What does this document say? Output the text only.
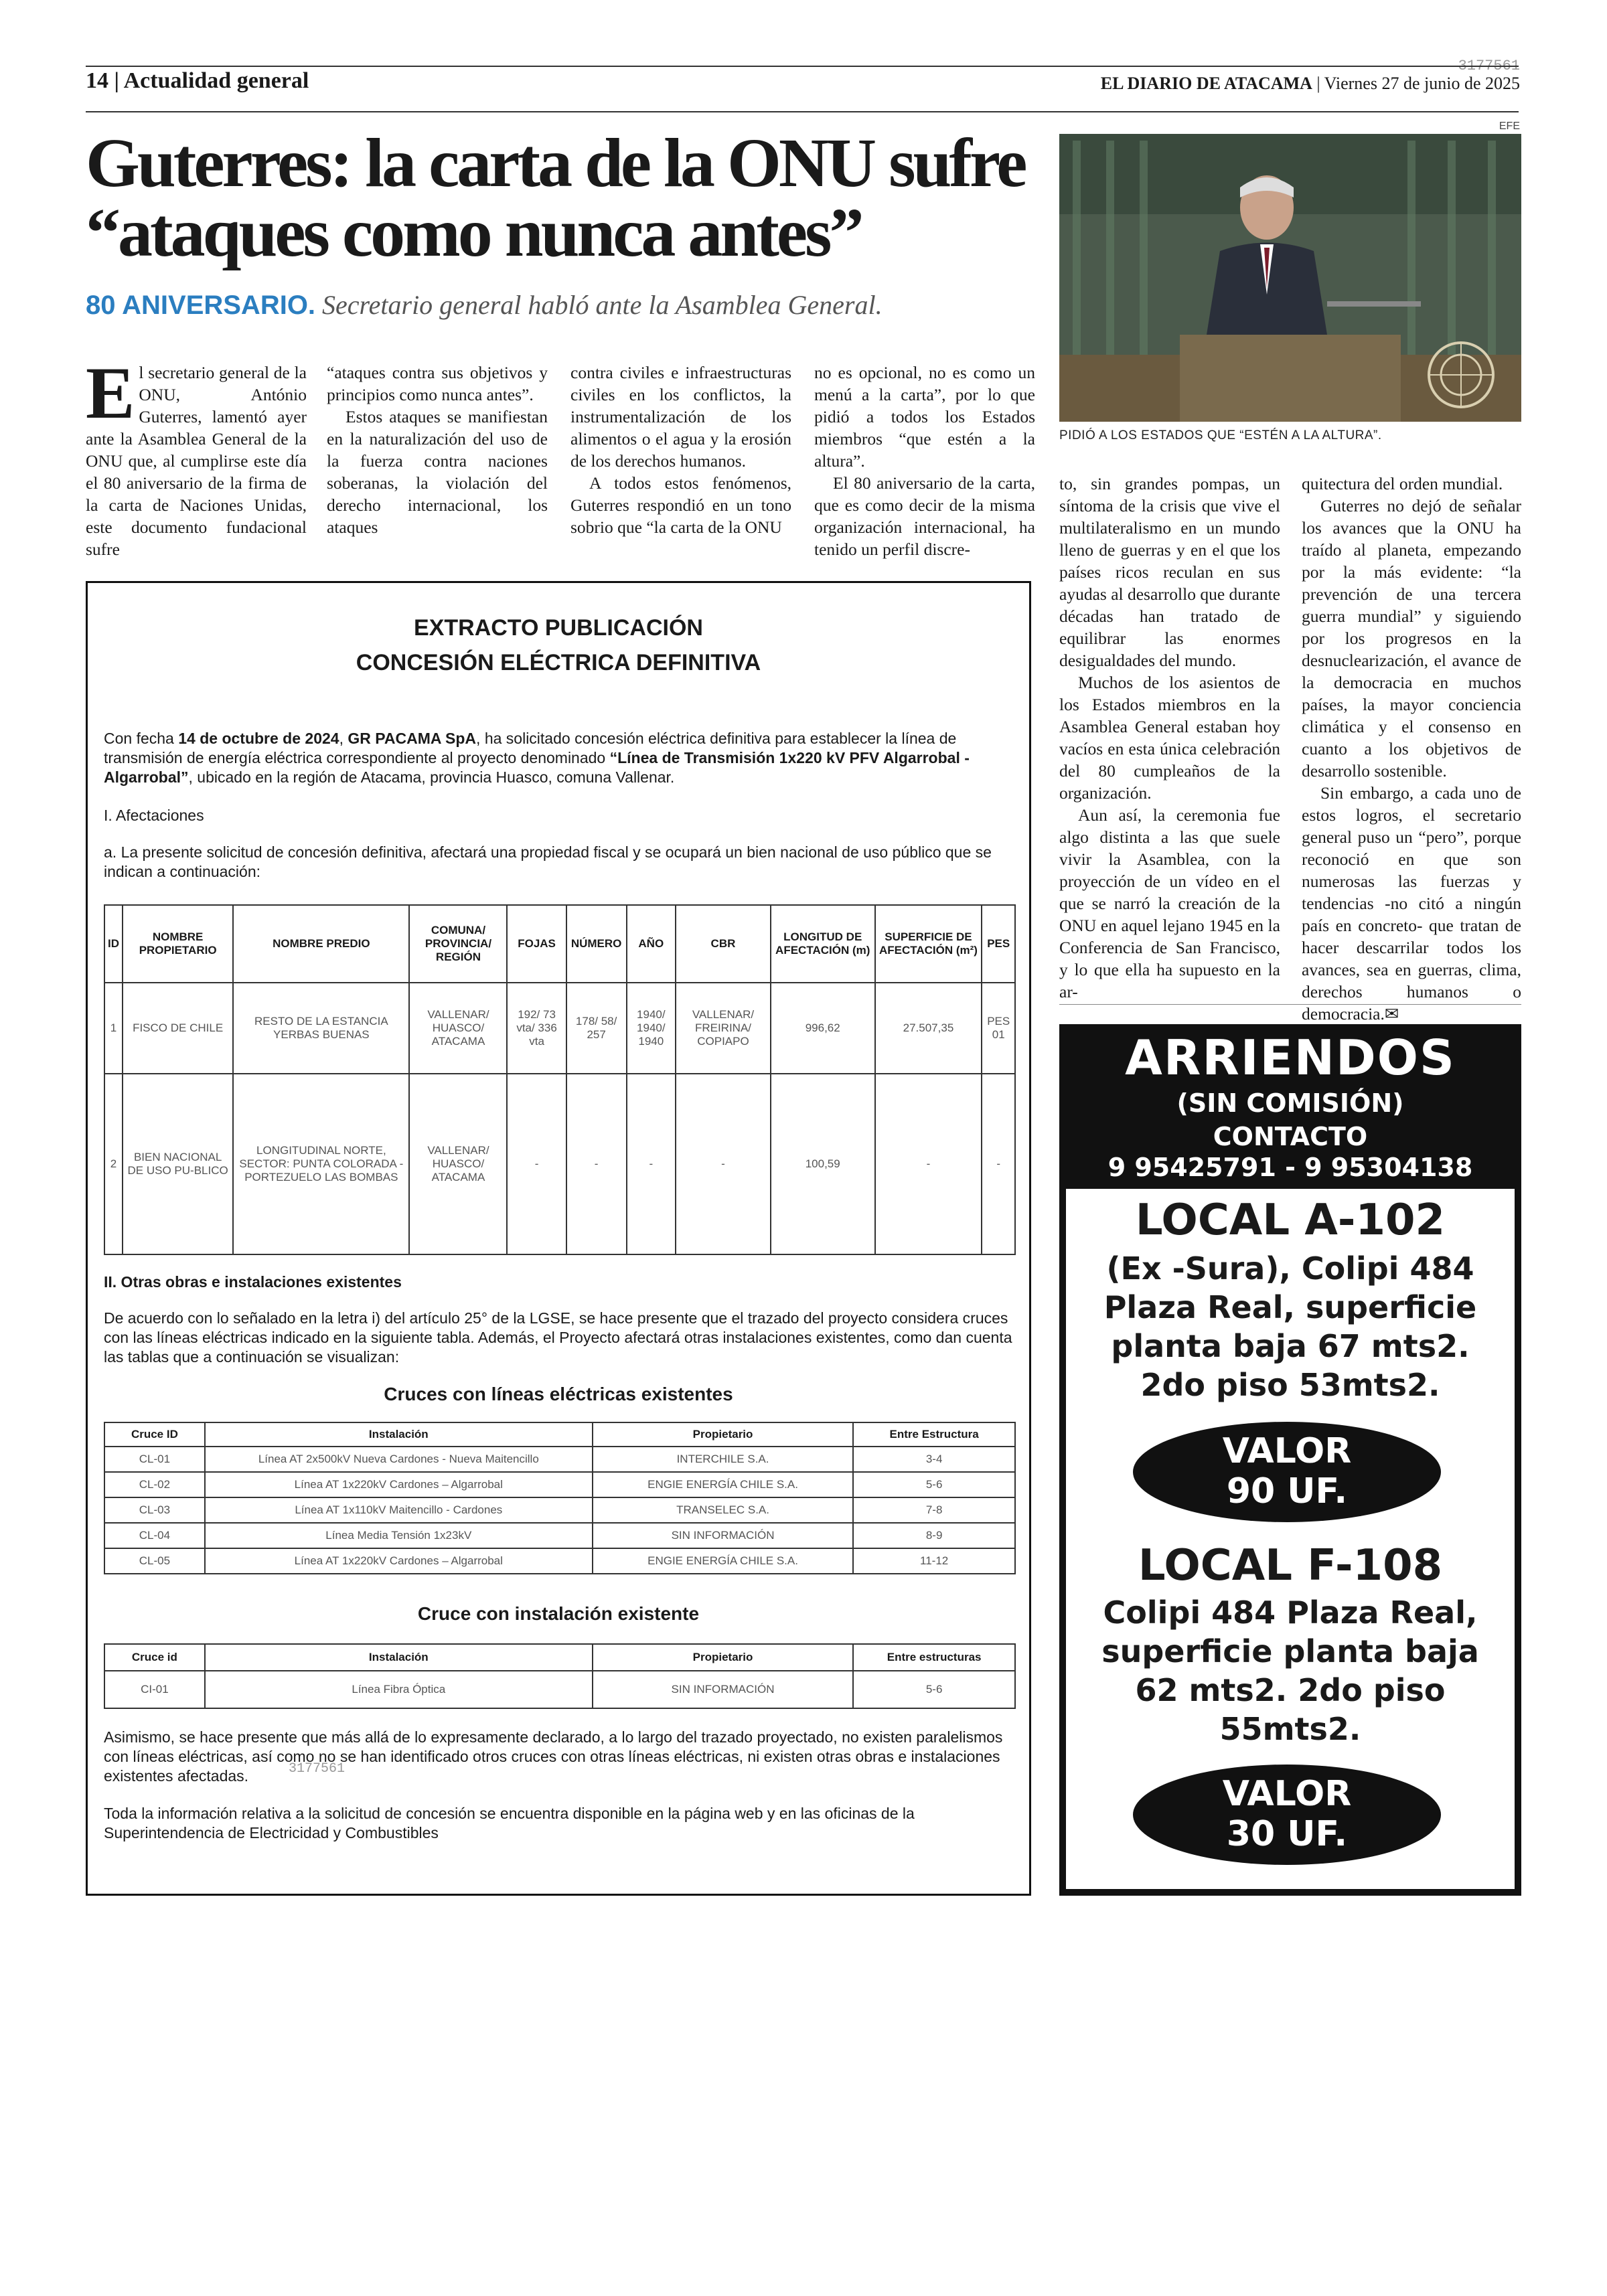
3177561
14 | Actualidad general	EL DIARIO DE ATACAMA | Viernes 27 de junio de 2025
Guterres: la carta de la ONU sufre
“ataques como nunca antes”
80 ANIVERSARIO. Secretario general habló ante la Asamblea General.

El secretario general de la ONU, António Guterres, lamentó ayer ante la Asamblea General de la ONU que, al cumplirse este día el 80 aniversario de la firma de la carta de Naciones Unidas, este documento fundacional sufre

“ataques contra sus objetivos y principios como nunca antes”.

Estos ataques se manifiestan en la naturalización del uso de la fuerza contra naciones soberanas, la violación del derecho internacional, los ataques

contra civiles e infraestructuras civiles en los conflictos, la instrumentalización de los alimentos o el agua y la erosión de los derechos humanos.

A todos estos fenómenos, Guterres respondió en un tono sobrio que “la carta de la ONU

no es opcional, no es como un menú a la carta”, por lo que pidió a todos los Estados miembros “que estén a la altura”.

El 80 aniversario de la carta, que es como decir de la misma organización internacional, ha tenido un perfil discre-

to, sin grandes pompas, un síntoma de la crisis que vive el multilateralismo en un mundo lleno de guerras y en el que los países ricos reculan en sus ayudas al desarrollo que durante décadas han tratado de equilibrar las enormes desigualdades del mundo.

Muchos de los asientos de los Estados miembros en la Asamblea General estaban hoy vacíos en esta única celebración del 80 cumpleaños de la organización.

Aun así, la ceremonia fue algo distinta a las que suele vivir la Asamblea, con la proyección de un vídeo en el que se narró la creación de la ONU en aquel lejano 1945 en la Conferencia de San Francisco, y lo que ella ha supuesto en la ar-

quitectura del orden mundial.

Guterres no dejó de señalar los avances que la ONU ha traído al planeta, empezando por la más evidente: “la prevención de una tercera guerra mundial” y siguiendo por los progresos en la desnuclearización, el avance de la democracia en muchos países, la mayor conciencia climática y el consenso en cuanto a los objetivos de desarrollo sostenible.

Sin embargo, a cada uno de estos logros, el secretario general puso un “pero”, porque reconoció en que son numerosas las fuerzas y tendencias -no citó a ningún país en concreto- que tratan de hacer descarrilar todos los avances, sea en guerras, clima, derechos humanos o democracia.✉

EFE
PIDIÓ A LOS ESTADOS QUE “ESTÉN A LA ALTURA”.
EXTRACTO PUBLICACIÓN
CONCESIÓN ELÉCTRICA DEFINITIVA
Con fecha 14 de octubre de 2024, GR PACAMA SpA, ha solicitado concesión eléctrica definitiva para establecer la línea de transmisión de energía eléctrica correspondiente al proyecto denominado “Línea de Transmisión 1x220 kV PFV Algarrobal - Algarrobal”, ubicado en la región de Atacama, provincia Huasco, comuna Vallenar.
I. Afectaciones
a. La presente solicitud de concesión definitiva, afectará una propiedad fiscal y se ocupará un bien nacional de uso público que se indican a continuación:
ID	NOMBRE PROPIETARIO	NOMBRE PREDIO	COMUNA/ PROVINCIA/ REGIÓN	FOJAS	NÚMERO	AÑO	CBR	LONGITUD DE AFECTACIÓN (m)	SUPERFICIE DE AFECTACIÓN (m²)	PES
1	FISCO DE CHILE	RESTO DE LA ESTANCIA YERBAS BUENAS	VALLENAR/ HUASCO/ ATACAMA	192/ 73 vta/ 336 vta	178/ 58/ 257	1940/ 1940/ 1940	VALLENAR/ FREIRINA/ COPIAPO	996,62	27.507,35	PES 01
2	BIEN NACIONAL DE USO PU-BLICO	LONGITUDINAL NORTE, SECTOR: PUNTA COLORADA - PORTEZUELO LAS BOMBAS	VALLENAR/ HUASCO/ ATACAMA	-	-	-	-	100,59	-	-
II. Otras obras e instalaciones existentes
De acuerdo con lo señalado en la letra i) del artículo 25° de la LGSE, se hace presente que el trazado del proyecto considera cruces con las líneas eléctricas indicado en la siguiente tabla. Además, el Proyecto afectará otras instalaciones existentes, como dan cuenta las tablas que a continuación se visualizan:
Cruces con líneas eléctricas existentes
Cruce ID	Instalación	Propietario	Entre Estructura
CL-01	Línea AT 2x500kV Nueva Cardones - Nueva Maitencillo	INTERCHILE S.A.	3-4
CL-02	Línea AT 1x220kV Cardones – Algarrobal	ENGIE ENERGÍA CHILE S.A.	5-6
CL-03	Línea AT 1x110kV Maitencillo - Cardones	TRANSELEC S.A.	7-8
CL-04	Línea Media Tensión 1x23kV	SIN INFORMACIÓN	8-9
CL-05	Línea AT 1x220kV Cardones – Algarrobal	ENGIE ENERGÍA CHILE S.A.	11-12
Cruce con instalación existente
Cruce id	Instalación	Propietario	Entre estructuras
CI-01	Línea Fibra Óptica	SIN INFORMACIÓN	5-6
Asimismo, se hace presente que más allá de lo expresamente declarado, a lo largo del trazado proyectado, no existen paralelismos con líneas eléctricas, así como no se han identificado otros cruces con otras líneas eléctricas, ni existen otras obras e instalaciones existentes afectadas.	3177561
Toda la información relativa a la solicitud de concesión se encuentra disponible en la página web y en las oficinas de la Superintendencia de Electricidad y Combustibles
ARRIENDOS
(SIN COMISIÓN)
CONTACTO
9 95425791 - 9 95304138
LOCAL A-102
(Ex -Sura), Colipi 484
Plaza Real, superficie
planta baja 67 mts2.
2do piso 53mts2.
VALOR
90 UF.
LOCAL F-108
Colipi 484 Plaza Real,
superficie planta baja
62 mts2. 2do piso
55mts2.
VALOR
30 UF.
